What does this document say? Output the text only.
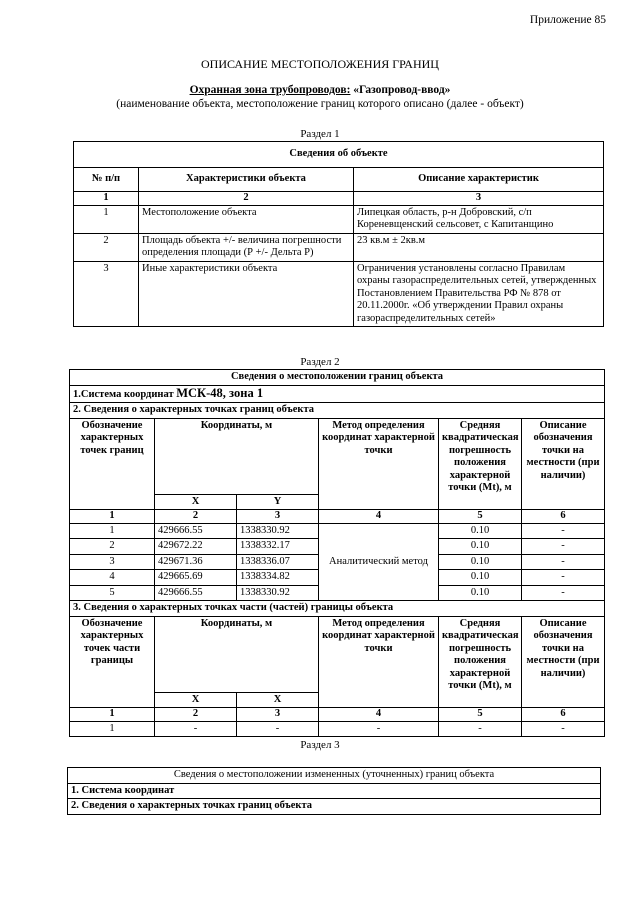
Приложение 85
ОПИСАНИЕ МЕСТОПОЛОЖЕНИЯ ГРАНИЦ
Охранная зона трубопроводов: «Газопровод-ввод»
(наименование объекта, местоположение границ которого описано (далее - объект)
Раздел 1
Сведения об объекте		
№ п/п	Характеристики объекта	Описание характеристик
1	2	3
1	Местоположение объекта	Липецкая область, р-н Добровский, с/п Кореневщенский сельсовет, с Капитанщино
2	Площадь объекта +/- величина погрешности определения площади (Р +/- Дельта Р)	23 кв.м ± 2кв.м
3	Иные характеристики объекта	Ограничения установлены согласно Правилам охраны газораспределительных сетей, утвержденных Постановлением Правительства РФ № 878 от 20.11.2000г. «Об утверждении Правил охраны газораспределительных сетей»
Раздел 2
Сведения о местоположении границ объекта					
1.Система координат МСК-48, зона 1					
2. Сведения о характерных точках границ объекта					
Обозначение характерных точек границ	Координаты, м		Метод определения координат характерной точки	Средняя квадратическая погрешность положения характерной точки (Mt), м	Описание обозначения точки на местности (при наличии)
	X	Y			
1	2	3	4	5	6
1	429666.55	1338330.92	Аналитический метод	0.10	-
2	429672.22	1338332.17		0.10	-
3	429671.36	1338336.07		0.10	-
4	429665.69	1338334.82		0.10	-
5	429666.55	1338330.92		0.10	-
3. Сведения о характерных точках части (частей) границы объекта					
Обозначение характерных точек части границы	Координаты, м		Метод определения координат характерной точки	Средняя квадратическая погрешность положения характерной точки (Mt), м	Описание обозначения точки на местности (при наличии)
	X	X			
1	2	3	4	5	6
1	-	-	-	-	-
Раздел 3
Сведения о местоположении измененных (уточненных) границ объекта
1. Система координат
2. Сведения о характерных точках границ объекта
